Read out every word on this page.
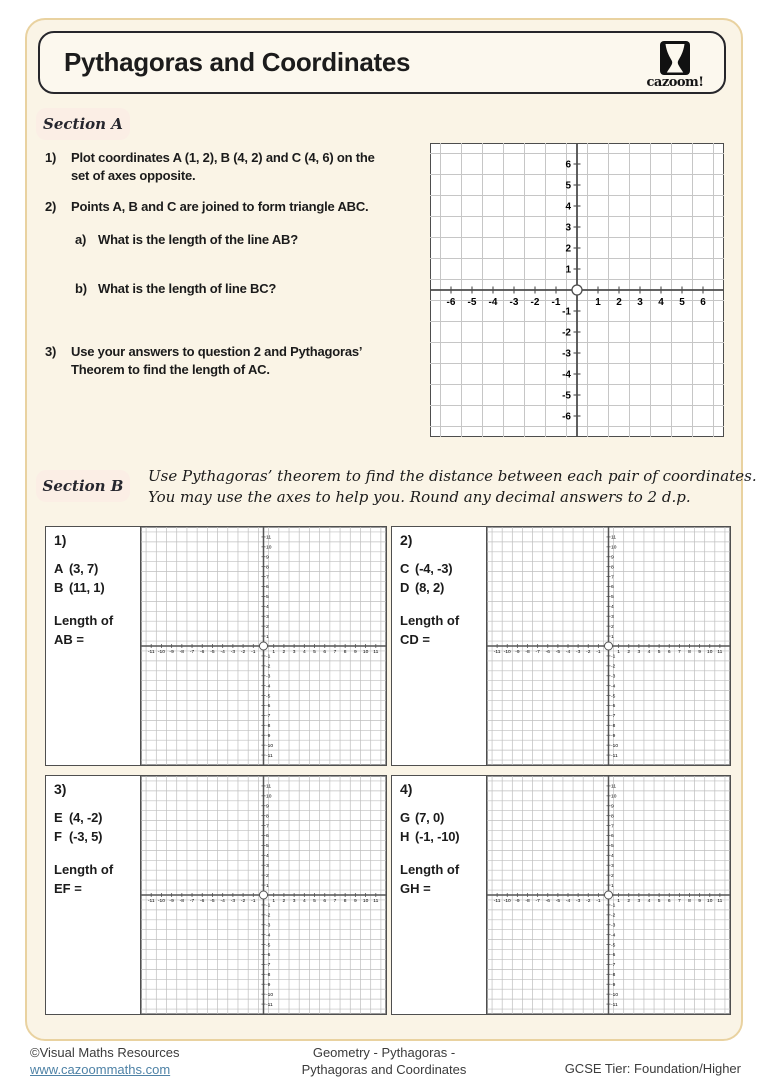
Pythagoras and Coordinates
cazoom!
Section A
1)	Plot coordinates A (1, 2), B (4, 2) and C (4, 6) on the
set of axes opposite.
2)	Points A, B and C are joined to form triangle ABC.
a) What is the length of the line AB?
b) What is the length of line BC?
3)	Use your answers to question 2 and Pythagoras’
Theorem to find the length of AC.
-6
-6
-5
-5
-4
-4
-3
-3
-2
-2
-1
-1
1
1
2
2
3
3
4
4
5
5
6
6
Section B
Use Pythagoras’ theorem to find the distance between each pair of coordinates.
You may use the axes to help you. Round any decimal answers to 2 d.p.
1)
A (3, 7)
B (11, 1)
Length of
AB =
-11
-11
-10
-10
-9
-9
-8
-8
-7
-7
-6
-6
-5
-5
-4
-4
-3
-3
-2
-2
-1
-1
1
1
2
2
3
3
4
4
5
5
6
6
7
7
8
8
9
9
10
10
11
11	2)
C (-4, -3)
D (8, 2)
Length of
CD =
-11
-11
-10
-10
-9
-9
-8
-8
-7
-7
-6
-6
-5
-5
-4
-4
-3
-3
-2
-2
-1
-1
1
1
2
2
3
3
4
4
5
5
6
6
7
7
8
8
9
9
10
10
11
11
3)
E (4, -2)
F (-3, 5)
Length of
EF =
-11
-11
-10
-10
-9
-9
-8
-8
-7
-7
-6
-6
-5
-5
-4
-4
-3
-3
-2
-2
-1
-1
1
1
2
2
3
3
4
4
5
5
6
6
7
7
8
8
9
9
10
10
11
11	4)
G (7, 0)
H (-1, -10)
Length of
GH =
-11
-11
-10
-10
-9
-9
-8
-8
-7
-7
-6
-6
-5
-5
-4
-4
-3
-3
-2
-2
-1
-1
1
1
2
2
3
3
4
4
5
5
6
6
7
7
8
8
9
9
10
10
11
11
©Visual Maths Resources
www.cazoommaths.com
Geometry - Pythagoras -
Pythagoras and Coordinates	GCSE Tier: Foundation/Higher
